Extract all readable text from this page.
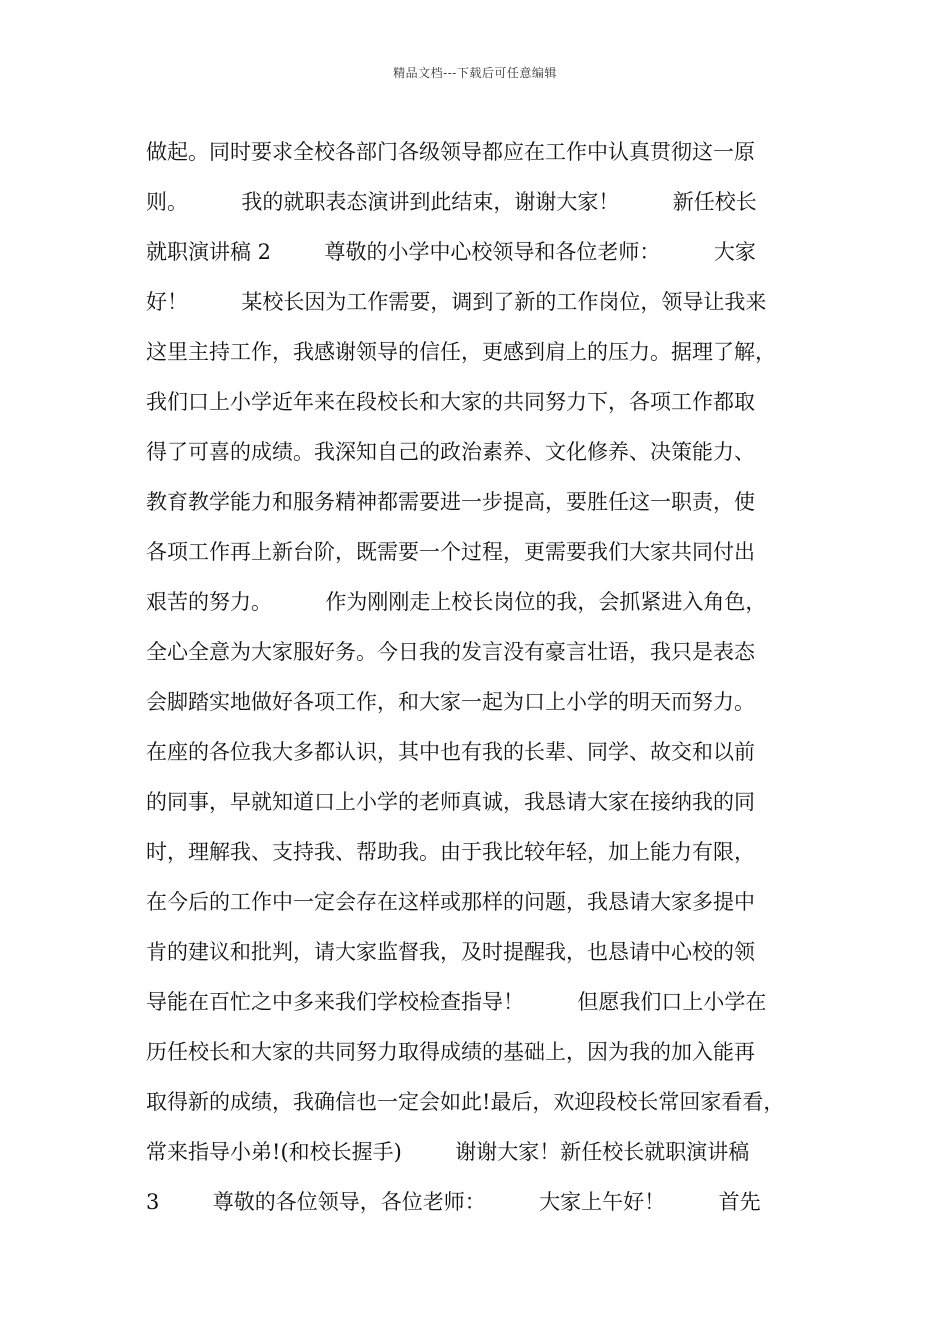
精品文档---下载后可任意编辑
做起。同时要求全校各部门各级领导都应在工作中认真贯彻这一原
则。        我的就职表态演讲到此结束，谢谢大家！        新任校长
就职演讲稿 2        尊敬的小学中心校领导和各位老师：        大家
好！        某校长因为工作需要，调到了新的工作岗位，领导让我来
这里主持工作，我感谢领导的信任，更感到肩上的压力。据理了解，
我们口上小学近年来在段校长和大家的共同努力下，各项工作都取
得了可喜的成绩。我深知自己的政治素养、文化修养、决策能力、
教育教学能力和服务精神都需要进一步提高，要胜任这一职责，使
各项工作再上新台阶，既需要一个过程，更需要我们大家共同付出
艰苦的努力。        作为刚刚走上校长岗位的我，会抓紧进入角色，
全心全意为大家服好务。今日我的发言没有豪言壮语，我只是表态
会脚踏实地做好各项工作，和大家一起为口上小学的明天而努力。
在座的各位我大多都认识，其中也有我的长辈、同学、故交和以前
的同事，早就知道口上小学的老师真诚，我恳请大家在接纳我的同
时，理解我、支持我、帮助我。由于我比较年轻，加上能力有限，
在今后的工作中一定会存在这样或那样的问题，我恳请大家多提中
肯的建议和批判，请大家监督我，及时提醒我，也恳请中心校的领
导能在百忙之中多来我们学校检查指导！        但愿我们口上小学在
历任校长和大家的共同努力取得成绩的基础上，因为我的加入能再
取得新的成绩，我确信也一定会如此!最后，欢迎段校长常回家看看，
常来指导小弟!(和校长握手)        谢谢大家！新任校长就职演讲稿
3        尊敬的各位领导，各位老师：        大家上午好！        首先
